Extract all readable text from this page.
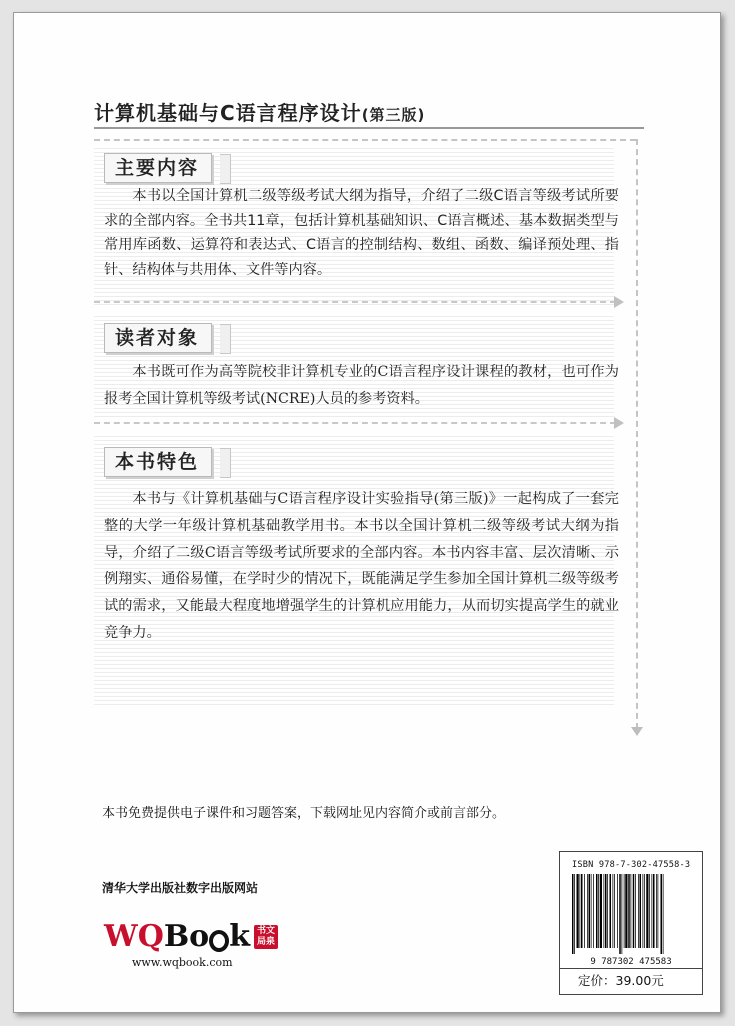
计算机基础与C语言程序设计(第三版)
主要内容

本书以全国计算机二级等级考试大纲为指导，介绍了二级C语言等级考试所要求的全部内容。全书共11章，包括计算机基础知识、C语言概述、基本数据类型与常用库函数、运算符和表达式、C语言的控制结构、数组、函数、编译预处理、指针、结构体与共用体、文件等内容。

读者对象

本书既可作为高等院校非计算机专业的C语言程序设计课程的教材，也可作为报考全国计算机等级考试(NCRE)人员的参考资料。

本书特色

本书与《计算机基础与C语言程序设计实验指导(第三版)》一起构成了一套完整的大学一年级计算机基础教学用书。本书以全国计算机二级等级考试大纲为指导，介绍了二级C语言等级考试所要求的全部内容。本书内容丰富、层次清晰、示例翔实、通俗易懂，在学时少的情况下，既能满足学生参加全国计算机二级等级考试的需求，又能最大程度地增强学生的计算机应用能力，从而切实提高学生的就业竞争力。

本书免费提供电子课件和习题答案，下载网址见内容简介或前言部分。

清华大学出版社数字出版网站

WQ Bo k 书文局泉

www.wqbook.com

ISBN 978-7-302-47558-3

9 787302 475583

定价：39.00元
